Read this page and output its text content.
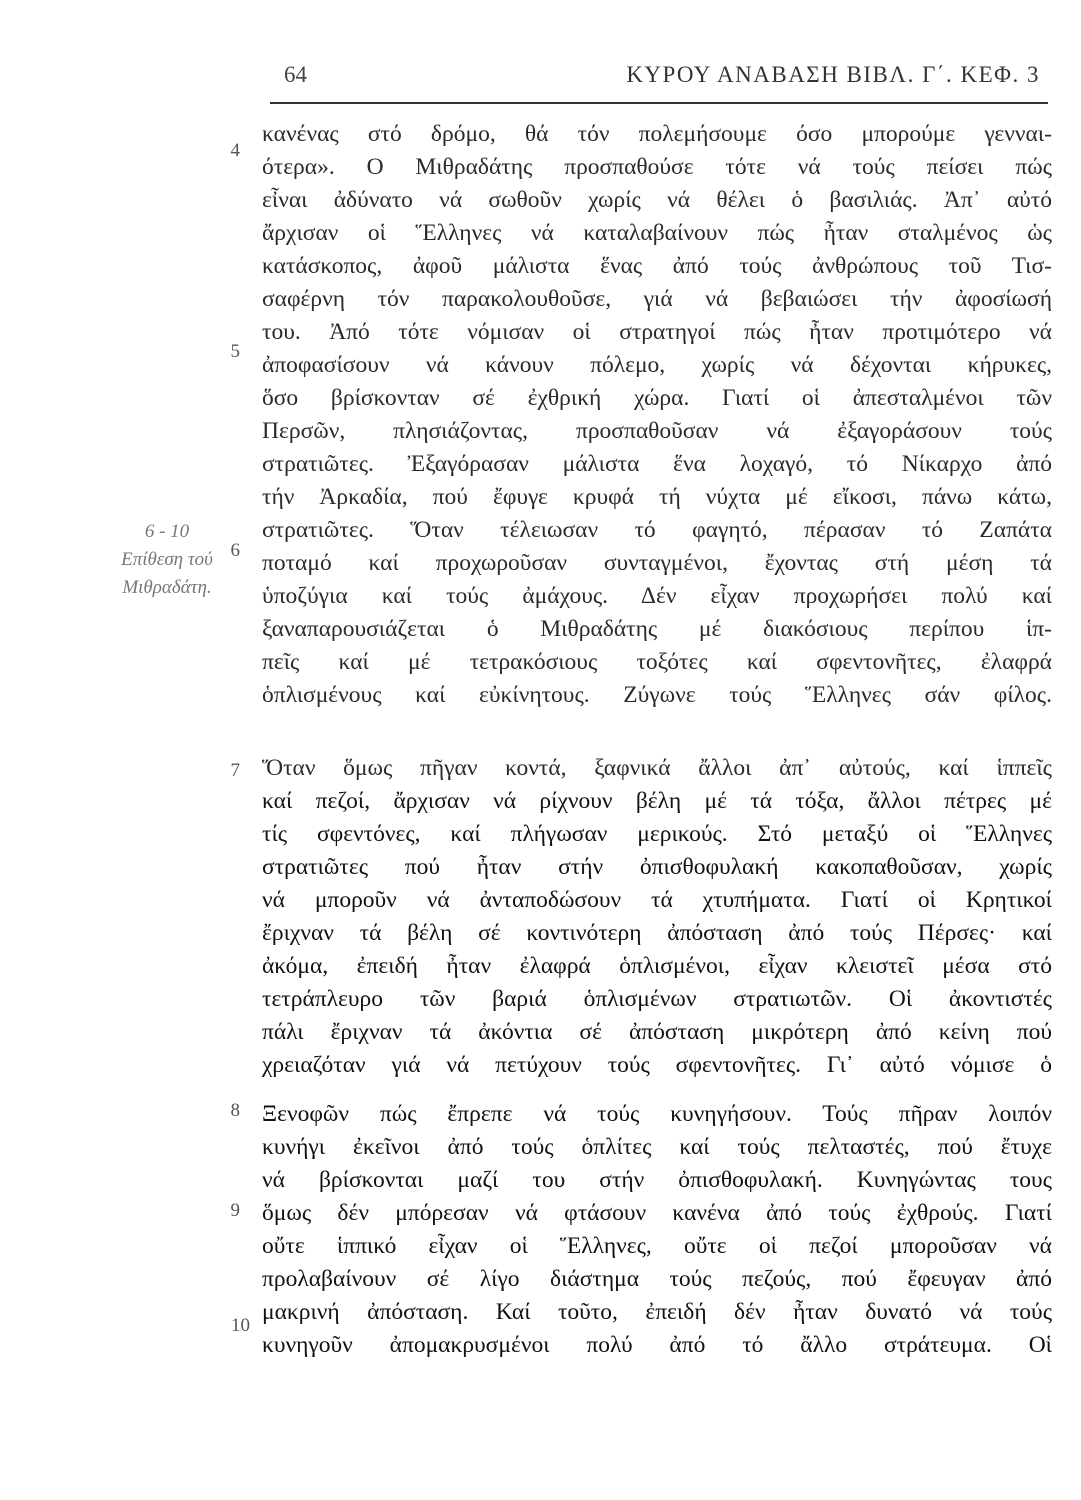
64	ΚΥΡΟΥ ΑΝΑΒΑΣΗ ΒΙΒΛ. Γ΄. ΚΕΦ. 3
6 - 10
Επίθεση τού
Μιθραδάτη.
4
5
6
7
8
9
10
κανένας στό δρόμο, θά τόν πολεμήσουμε όσο μπορούμε γενναι-
ότερα». Ο Μιθραδάτης προσπαθούσε τότε νά τούς πείσει πώς
εἶναι ἀδύνατο νά σωθοῦν χωρίς νά θέλει ὁ βασιλιάς. Ἀπ᾽ αὐτό
ἄρχισαν οἱ Ἕλληνες νά καταλαβαίνουν πώς ἦταν σταλμένος ὡς
κατάσκοπος, ἀφοῦ μάλιστα ἕνας ἀπό τούς ἀνθρώπους τοῦ Τισ-
σαφέρνη τόν παρακολουθοῦσε, γιά νά βεβαιώσει τήν ἀφοσίωσή
του. Ἀπό τότε νόμισαν οἱ στρατηγοί πώς ἦταν προτιμότερο νά
ἀποφασίσουν νά κάνουν πόλεμο, χωρίς νά δέχονται κήρυκες,
ὅσο βρίσκονταν σέ ἐχθρική χώρα. Γιατί οἱ ἀπεσταλμένοι τῶν
Περσῶν, πλησιάζοντας, προσπαθοῦσαν νά ἐξαγοράσουν τούς
στρατιῶτες. Ἐξαγόρασαν μάλιστα ἕνα λοχαγό, τό Νίκαρχο ἀπό
τήν Ἀρκαδία, πού ἔφυγε κρυφά τή νύχτα μέ εἴκοσι, πάνω κάτω,
στρατιῶτες. Ὅταν τέλειωσαν τό φαγητό, πέρασαν τό Ζαπάτα
ποταμό καί προχωροῦσαν συνταγμένοι, ἔχοντας στή μέση τά
ὑποζύγια καί τούς ἀμάχους. Δέν εἶχαν προχωρήσει πολύ καί
ξαναπαρουσιάζεται ὁ Μιθραδάτης μέ διακόσιους περίπου ἱπ-
πεῖς καί μέ τετρακόσιους τοξότες καί σφεντονῆτες, ἐλαφρά
ὁπλισμένους καί εὐκίνητους. Ζύγωνε τούς Ἕλληνες σάν φίλος.
Ὅταν ὅμως πῆγαν κοντά, ξαφνικά ἄλλοι ἀπ᾽ αὐτούς, καί ἱππεῖς
καί πεζοί, ἄρχισαν νά ρίχνουν βέλη μέ τά τόξα, ἄλλοι πέτρες μέ
τίς σφεντόνες, καί πλήγωσαν μερικούς. Στό μεταξύ οἱ Ἕλληνες
στρατιῶτες πού ἦταν στήν ὀπισθοφυλακή κακοπαθοῦσαν, χωρίς
νά μποροῦν νά ἀνταποδώσουν τά χτυπήματα. Γιατί οἱ Κρητικοί
ἔριχναν τά βέλη σέ κοντινότερη ἀπόσταση ἀπό τούς Πέρσες· καί
ἀκόμα, ἐπειδή ἦταν ἐλαφρά ὁπλισμένοι, εἶχαν κλειστεῖ μέσα στό
τετράπλευρο τῶν βαριά ὁπλισμένων στρατιωτῶν. Οἱ ἀκοντιστές
πάλι ἔριχναν τά ἀκόντια σέ ἀπόσταση μικρότερη ἀπό κείνη πού
χρειαζόταν γιά νά πετύχουν τούς σφεντονῆτες. Γι᾽ αὐτό νόμισε ὁ
Ξενοφῶν πώς ἔπρεπε νά τούς κυνηγήσουν. Τούς πῆραν λοιπόν
κυνήγι ἐκεῖνοι ἀπό τούς ὁπλίτες καί τούς πελταστές, πού ἔτυχε
νά βρίσκονται μαζί του στήν ὀπισθοφυλακή. Κυνηγώντας τους
ὅμως δέν μπόρεσαν νά φτάσουν κανένα ἀπό τούς ἐχθρούς. Γιατί
οὔτε ἱππικό εἶχαν οἱ Ἕλληνες, οὔτε οἱ πεζοί μποροῦσαν νά
προλαβαίνουν σέ λίγο διάστημα τούς πεζούς, πού ἔφευγαν ἀπό
μακρινή ἀπόσταση. Καί τοῦτο, ἐπειδή δέν ἦταν δυνατό νά τούς
κυνηγοῦν ἀπομακρυσμένοι πολύ ἀπό τό ἄλλο στράτευμα. Οἱ
